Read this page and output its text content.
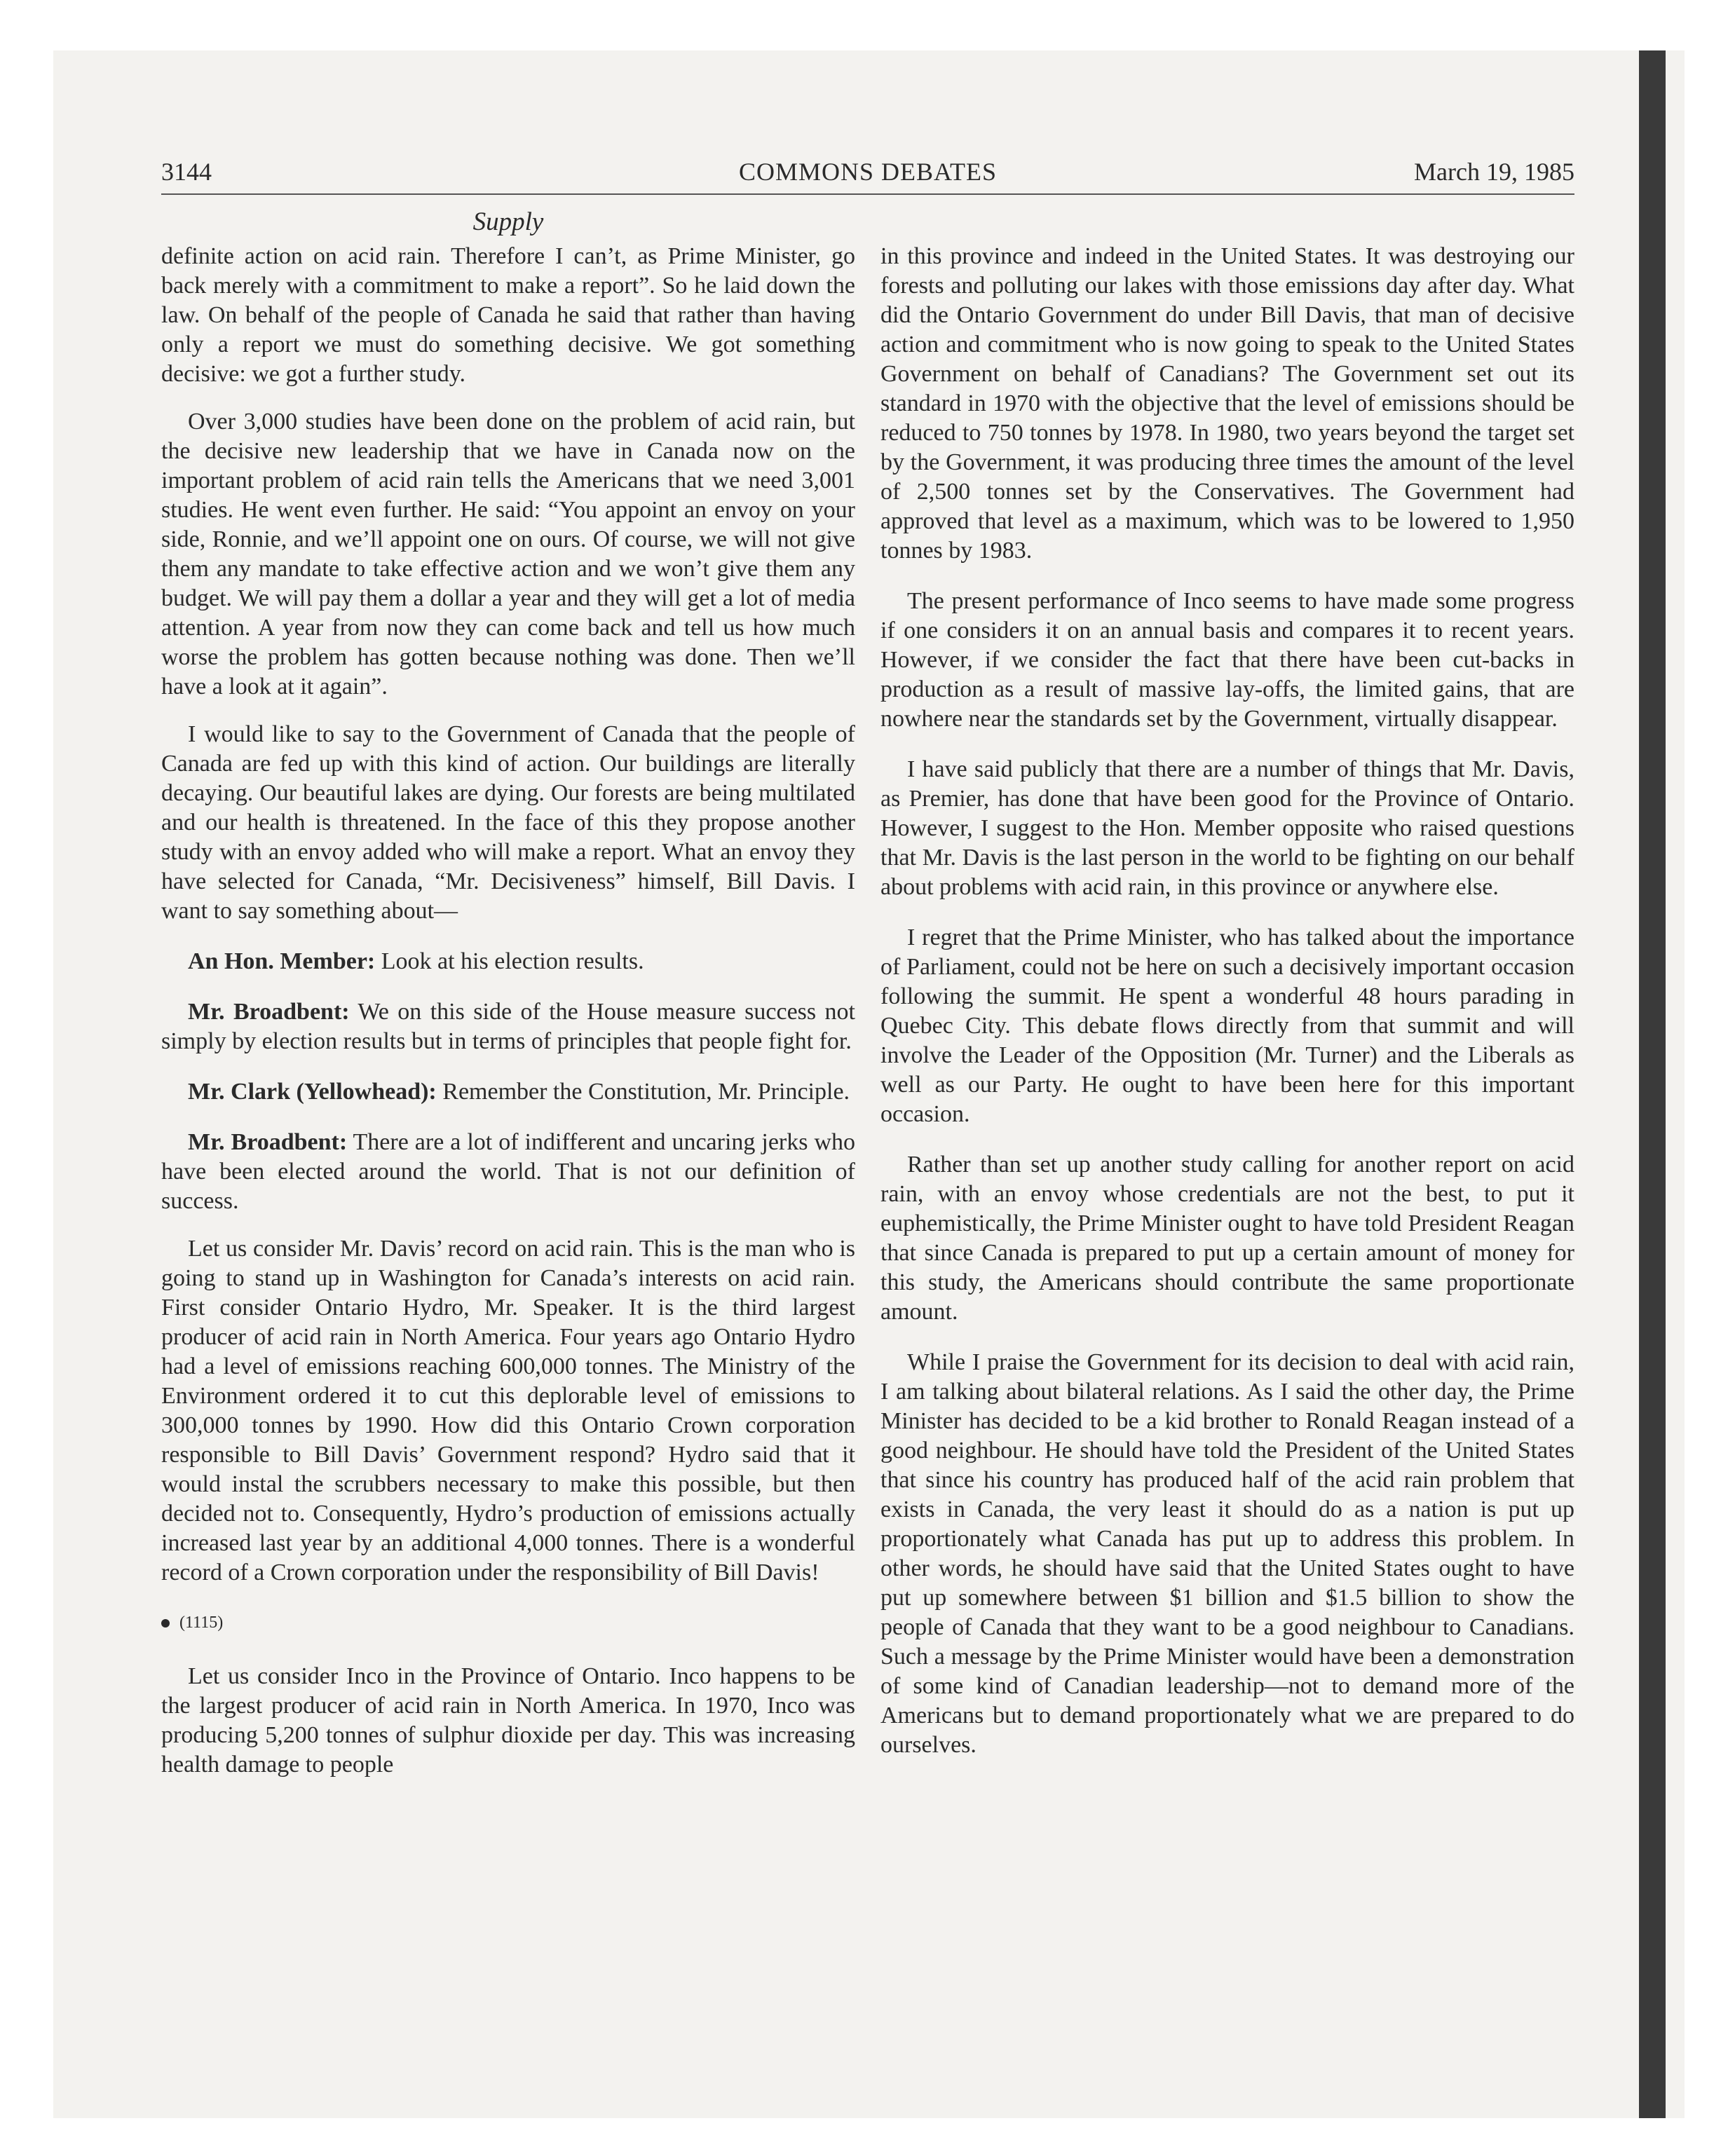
3144	COMMONS DEBATES	March 19, 1985
Supply

definite action on acid rain. Therefore I can’t, as Prime Minister, go back merely with a commitment to make a report”. So he laid down the law. On behalf of the people of Canada he said that rather than having only a report we must do something decisive. We got something decisive: we got a further study.

Over 3,000 studies have been done on the problem of acid rain, but the decisive new leadership that we have in Canada now on the important problem of acid rain tells the Americans that we need 3,001 studies. He went even further. He said: “You appoint an envoy on your side, Ronnie, and we’ll appoint one on ours. Of course, we will not give them any mandate to take effective action and we won’t give them any budget. We will pay them a dollar a year and they will get a lot of media attention. A year from now they can come back and tell us how much worse the problem has gotten because nothing was done. Then we’ll have a look at it again”.

I would like to say to the Government of Canada that the people of Canada are fed up with this kind of action. Our buildings are literally decaying. Our beautiful lakes are dying. Our forests are being multilated and our health is threatened. In the face of this they propose another study with an envoy added who will make a report. What an envoy they have selected for Canada, “Mr. Decisiveness” himself, Bill Davis. I want to say something about—

An Hon. Member: Look at his election results.

Mr. Broadbent: We on this side of the House measure success not simply by election results but in terms of principles that people fight for.

Mr. Clark (Yellowhead): Remember the Constitution, Mr. Principle.

Mr. Broadbent: There are a lot of indifferent and uncaring jerks who have been elected around the world. That is not our definition of success.

Let us consider Mr. Davis’ record on acid rain. This is the man who is going to stand up in Washington for Canada’s interests on acid rain. First consider Ontario Hydro, Mr. Speaker. It is the third largest producer of acid rain in North America. Four years ago Ontario Hydro had a level of emissions reaching 600,000 tonnes. The Ministry of the Environment ordered it to cut this deplorable level of emissions to 300,000 tonnes by 1990. How did this Ontario Crown corporation responsible to Bill Davis’ Government respond? Hydro said that it would instal the scrubbers necessary to make this possible, but then decided not to. Consequently, Hydro’s production of emissions actually increased last year by an additional 4,000 tonnes. There is a wonderful record of a Crown corporation under the responsibility of Bill Davis!

(1115)

Let us consider Inco in the Province of Ontario. Inco happens to be the largest producer of acid rain in North America. In 1970, Inco was producing 5,200 tonnes of sulphur dioxide per day. This was increasing health damage to people

in this province and indeed in the United States. It was destroying our forests and polluting our lakes with those emissions day after day. What did the Ontario Government do under Bill Davis, that man of decisive action and commitment who is now going to speak to the United States Government on behalf of Canadians? The Government set out its standard in 1970 with the objective that the level of emissions should be reduced to 750 tonnes by 1978. In 1980, two years beyond the target set by the Government, it was producing three times the amount of the level of 2,500 tonnes set by the Conservatives. The Government had approved that level as a maximum, which was to be lowered to 1,950 tonnes by 1983.

The present performance of Inco seems to have made some progress if one considers it on an annual basis and compares it to recent years. However, if we consider the fact that there have been cut-backs in production as a result of massive lay-offs, the limited gains, that are nowhere near the standards set by the Government, virtually disappear.

I have said publicly that there are a number of things that Mr. Davis, as Premier, has done that have been good for the Province of Ontario. However, I suggest to the Hon. Member opposite who raised questions that Mr. Davis is the last person in the world to be fighting on our behalf about problems with acid rain, in this province or anywhere else.

I regret that the Prime Minister, who has talked about the importance of Parliament, could not be here on such a decisively important occasion following the summit. He spent a wonderful 48 hours parading in Quebec City. This debate flows directly from that summit and will involve the Leader of the Opposition (Mr. Turner) and the Liberals as well as our Party. He ought to have been here for this important occasion.

Rather than set up another study calling for another report on acid rain, with an envoy whose credentials are not the best, to put it euphemistically, the Prime Minister ought to have told President Reagan that since Canada is prepared to put up a certain amount of money for this study, the Americans should contribute the same proportionate amount.

While I praise the Government for its decision to deal with acid rain, I am talking about bilateral relations. As I said the other day, the Prime Minister has decided to be a kid brother to Ronald Reagan instead of a good neighbour. He should have told the President of the United States that since his country has produced half of the acid rain problem that exists in Canada, the very least it should do as a nation is put up proportionately what Canada has put up to address this problem. In other words, he should have said that the United States ought to have put up somewhere between $1 billion and $1.5 billion to show the people of Canada that they want to be a good neighbour to Canadians. Such a message by the Prime Minister would have been a demonstration of some kind of Canadian leadership—not to demand more of the Americans but to demand proportionately what we are prepared to do ourselves.
